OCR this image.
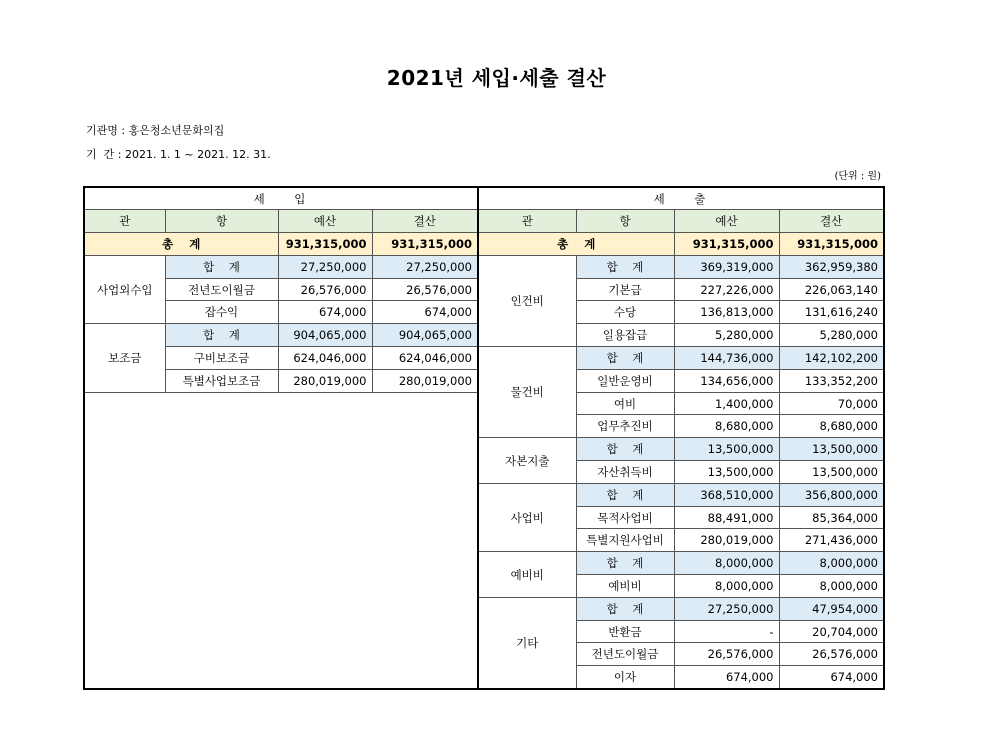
2021년 세입·세출 결산
기관명 : 홍은청소년문화의집
기  간 : 2021. 1. 1 ~ 2021. 12. 31.
(단위 : 원)
세    입			
관	항	예산	결산
총    계		931,315,000	931,315,000
사업외수입	합    계	27,250,000	27,250,000
	전년도이월금	26,576,000	26,576,000
	잡수익	674,000	674,000
보조금	합    계	904,065,000	904,065,000
	구비보조금	624,046,000	624,046,000
	특별사업보조금	280,019,000	280,019,000

세    출			
관	항	예산	결산
총    계		931,315,000	931,315,000
인건비	합    계	369,319,000	362,959,380
	기본급	227,226,000	226,063,140
	수당	136,813,000	131,616,240
	일용잡급	5,280,000	5,280,000
물건비	합    계	144,736,000	142,102,200
	일반운영비	134,656,000	133,352,200
	여비	1,400,000	70,000
	업무추진비	8,680,000	8,680,000
자본지출	합    계	13,500,000	13,500,000
	자산취득비	13,500,000	13,500,000
사업비	합    계	368,510,000	356,800,000
	목적사업비	88,491,000	85,364,000
	특별지원사업비	280,019,000	271,436,000
예비비	합    계	8,000,000	8,000,000
	예비비	8,000,000	8,000,000
기타	합    계	27,250,000	47,954,000
	반환금	-	20,704,000
	전년도이월금	26,576,000	26,576,000
	이자	674,000	674,000
